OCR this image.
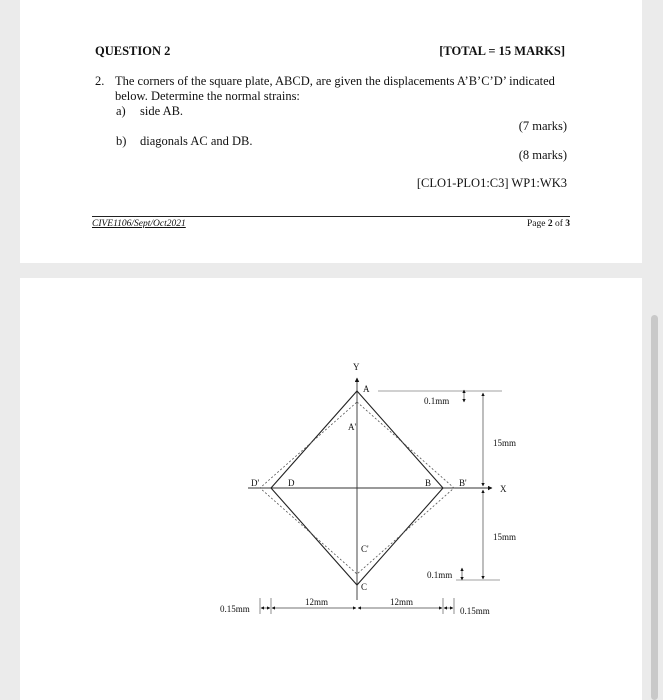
QUESTION 2	[TOTAL = 15 MARKS]
2. The corners of the square plate, ABCD, are given the displacements A’B’C’D’ indicated below. Determine the normal strains:
a) side AB.
(7 marks)
b) diagonals AC and DB.
(8 marks)
[CLO1-PLO1:C3] WP1:WK3
CIVE1106/Sept/Oct2021	Page 2 of 3
Y
A
A'
D'	D	B	B'
X
C'
C
0.1mm
15mm
15mm
0.1mm
0.15mm
12mm	12mm
0.15mm
